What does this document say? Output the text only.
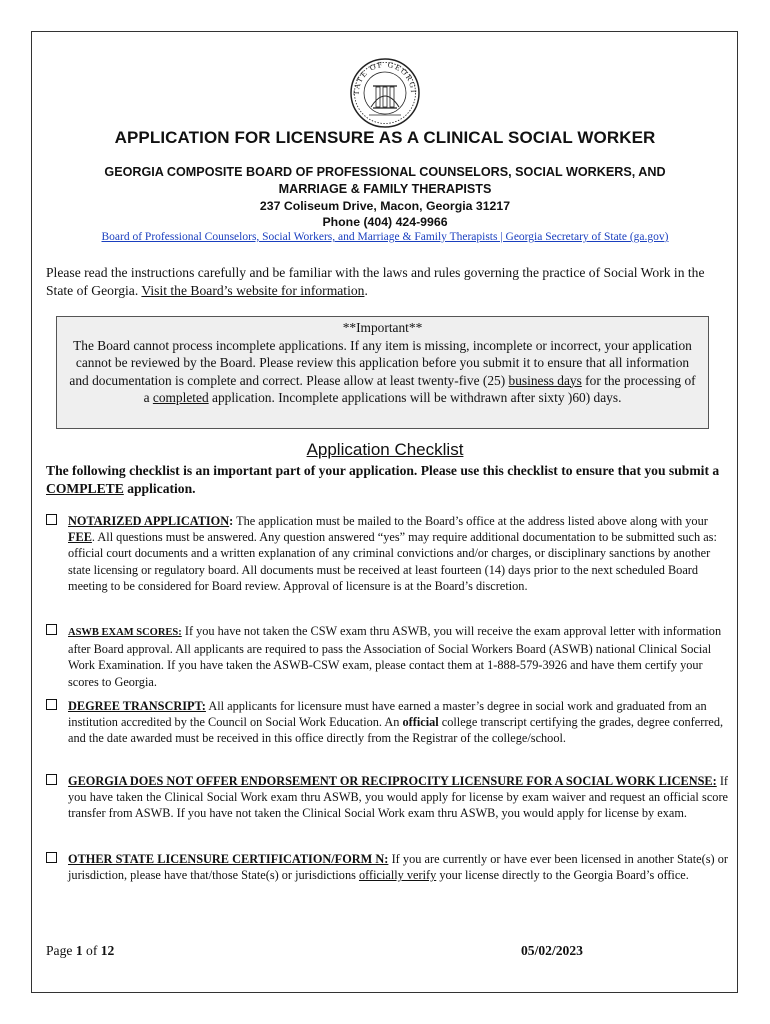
TATE OF GEORGI
APPLICATION FOR LICENSURE AS A CLINICAL SOCIAL WORKER
GEORGIA COMPOSITE BOARD OF PROFESSIONAL COUNSELORS, SOCIAL WORKERS, AND
MARRIAGE & FAMILY THERAPISTS
237 Coliseum Drive, Macon, Georgia 31217
Phone (404) 424-9966
Board of Professional Counselors, Social Workers, and Marriage & Family Therapists | Georgia Secretary of State (ga.gov)
Please read the instructions carefully and be familiar with the laws and rules governing the practice of Social Work in the State of Georgia. Visit the Board’s website for information.
**Important**
The Board cannot process incomplete applications. If any item is missing, incomplete or incorrect, your application cannot be reviewed by the Board. Please review this application before you submit it to ensure that all information and documentation is complete and correct. Please allow at least twenty-five (25) business days for the processing of a completed application. Incomplete applications will be withdrawn after sixty )60) days.
Application Checklist
The following checklist is an important part of your application. Please use this checklist to ensure that you submit a COMPLETE application.
NOTARIZED APPLICATION: The application must be mailed to the Board’s office at the address listed above along with your FEE. All questions must be answered. Any question answered “yes” may require additional documentation to be submitted such as: official court documents and a written explanation of any criminal convictions and/or charges, or disciplinary sanctions by another state licensing or regulatory board. All documents must be received at least fourteen (14) days prior to the next scheduled Board meeting to be considered for Board review. Approval of licensure is at the Board’s discretion.
ASWB EXAM SCORES: If you have not taken the CSW exam thru ASWB, you will receive the exam approval letter with information after Board approval. All applicants are required to pass the Association of Social Workers Board (ASWB) national Clinical Social Work Examination. If you have taken the ASWB-CSW exam, please contact them at 1-888-579-3926 and have them certify your scores to Georgia.
DEGREE TRANSCRIPT: All applicants for licensure must have earned a master’s degree in social work and graduated from an institution accredited by the Council on Social Work Education. An official college transcript certifying the grades, degree conferred, and the date awarded must be received in this office directly from the Registrar of the college/school.
GEORGIA DOES NOT OFFER ENDORSEMENT OR RECIPROCITY LICENSURE FOR A SOCIAL WORK LICENSE: If you have taken the Clinical Social Work exam thru ASWB, you would apply for license by exam waiver and request an official score transfer from ASWB. If you have not taken the Clinical Social Work exam thru ASWB, you would apply for license by exam.
OTHER STATE LICENSURE CERTIFICATION/FORM N: If you are currently or have ever been licensed in another State(s) or jurisdiction, please have that/those State(s) or jurisdictions officially verify your license directly to the Georgia Board’s office.
Page 1 of 12	05/02/2023
